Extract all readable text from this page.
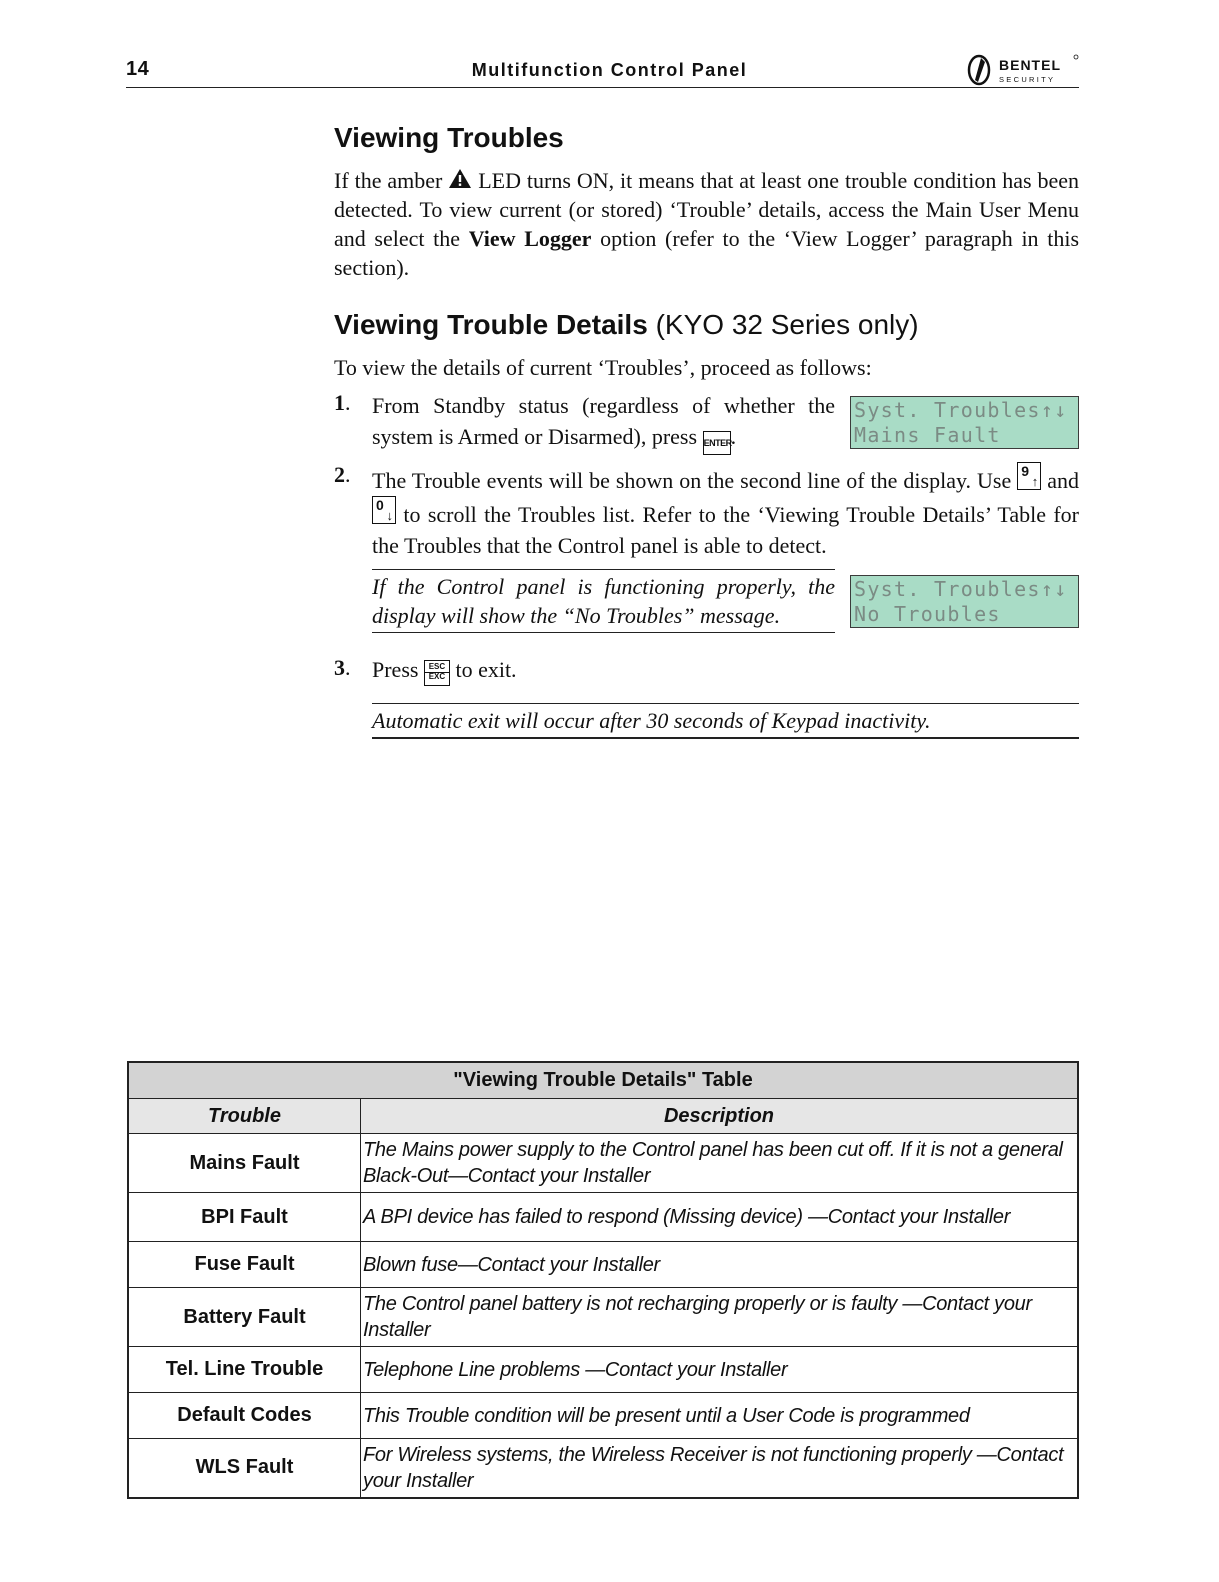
14	Multifunction Control Panel	BENTEL
SECURITY
Viewing Troubles
If the amber LED turns ON, it means that at least one trouble condition has been detected. To view current (or stored) ‘Trouble’ details, access the Main User Menu and select the View Logger option (refer to the ‘View Logger’ paragraph in this section).
Viewing Trouble Details (KYO 32 Series only)
To view the details of current ‘Troubles’, proceed as follows:
1. From Standby status (regardless of whether the system is Armed or Disarmed), press ENTER.
Syst. Troubles↑↓
Mains Fault
2. The Trouble events will be shown on the second line of the display. Use 9
↑ and
0
↓ to scroll the Troubles list. Refer to the ‘Viewing Trouble Details’ Table for the Troubles that the Control panel is able to detect.
If the Control panel is functioning properly, the display will show the “No Troubles” message.
Syst. Troubles↑↓
No Troubles
3. Press	ESC
EXC to exit.
Automatic exit will occur after 30 seconds of Keypad inactivity.
"Viewing Trouble Details" Table	
Trouble	Description
Mains Fault	The Mains power supply to the Control panel has been cut off. If it is not a general Black-Out—Contact your Installer
BPI Fault	A BPI device has failed to respond (Missing device) —Contact your Installer
Fuse Fault	Blown fuse—Contact your Installer
Battery Fault	The Control panel battery is not recharging properly or is faulty —Contact your Installer
Tel. Line Trouble	Telephone Line problems —Contact your Installer
Default Codes	This Trouble condition will be present until a User Code is programmed
WLS Fault	For Wireless systems, the Wireless Receiver is not functioning properly —Contact your Installer
